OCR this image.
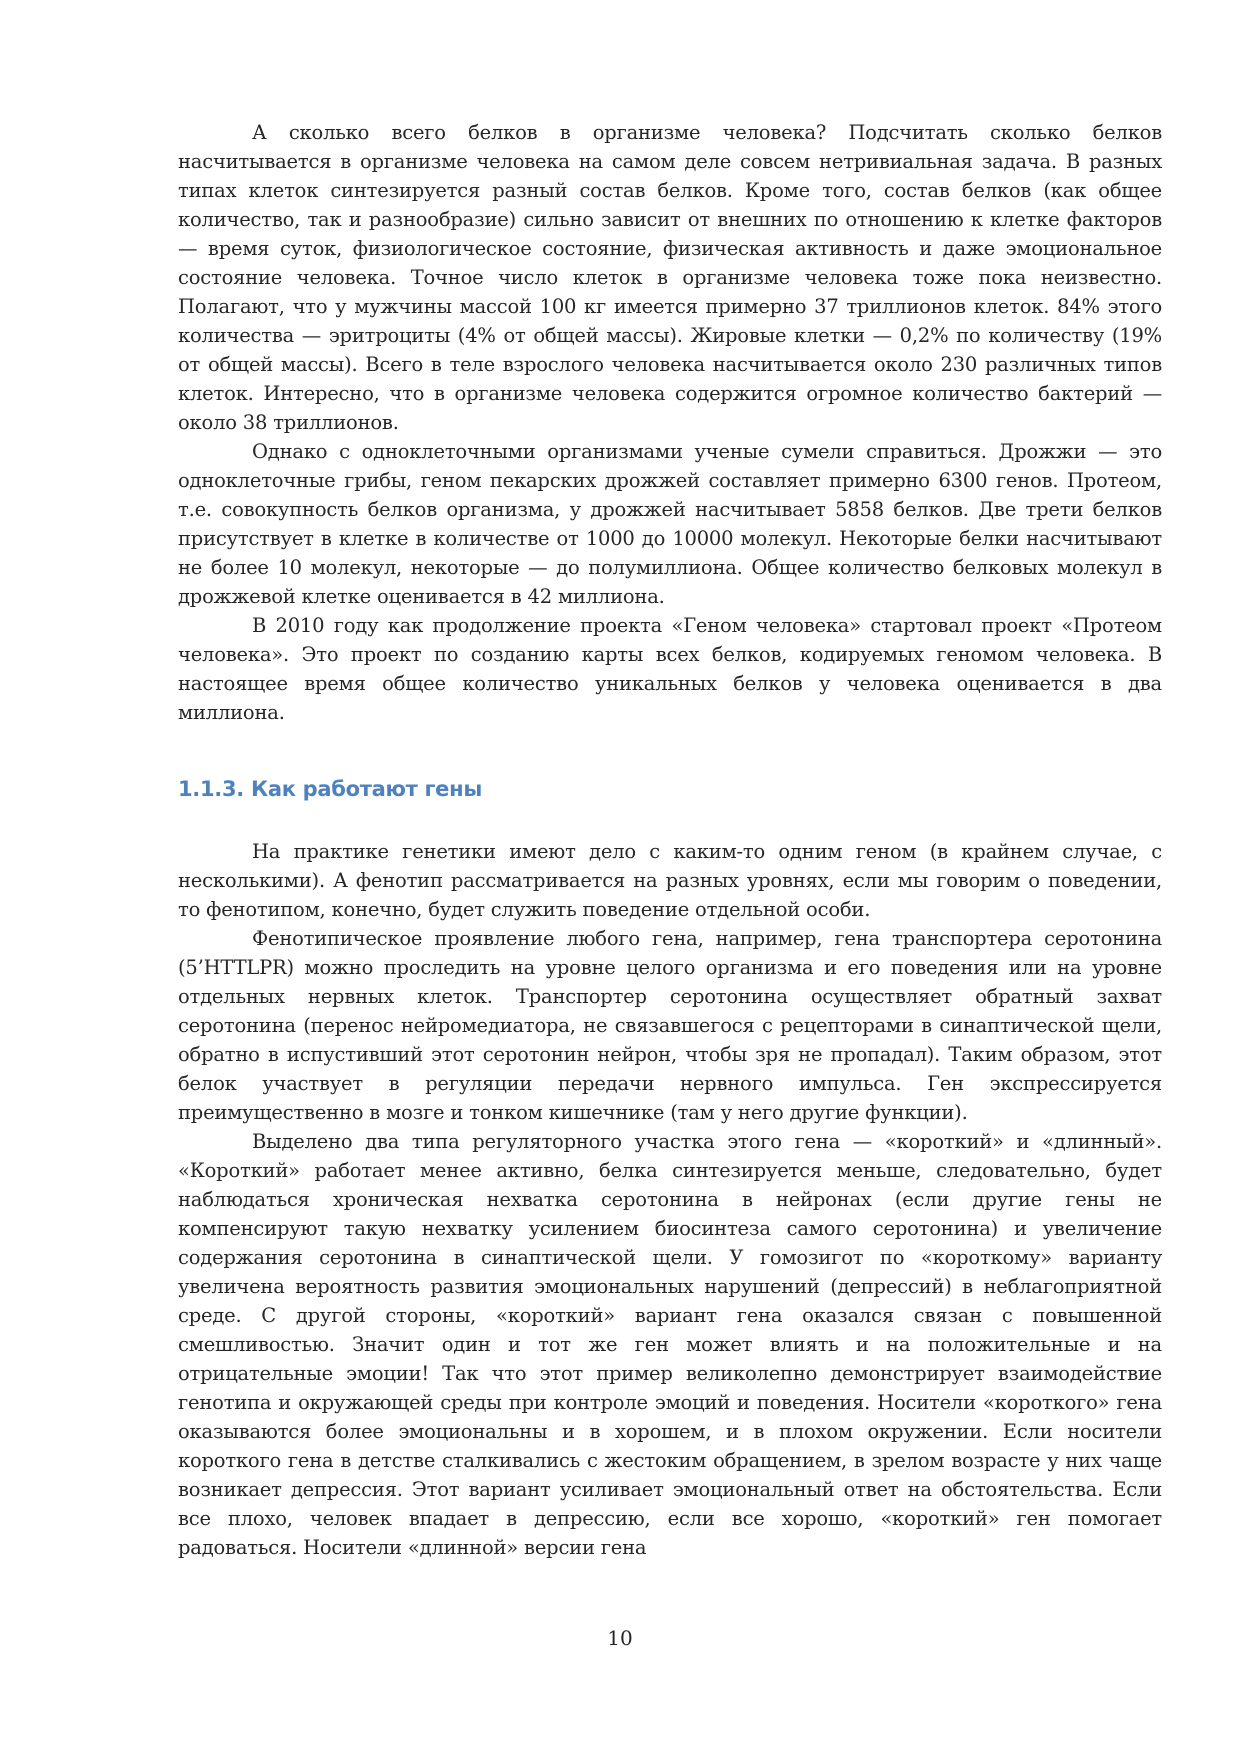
А сколько всего белков в организме человека? Подсчитать сколько белков насчитывается в организме человека на самом деле совсем нетривиальная задача. В разных типах клеток синтезируется разный состав белков. Кроме того, состав белков (как общее количество, так и разнообразие) сильно зависит от внешних по отношению к клетке факторов — время суток, физиологическое состояние, физическая активность и даже эмоциональное состояние человека. Точное число клеток в организме человека тоже пока неизвестно. Полагают, что у мужчины массой 100 кг имеется примерно 37 триллионов клеток. 84% этого количества — эритроциты (4% от общей массы). Жировые клетки — 0,2% по количеству (19% от общей массы). Всего в теле взрослого человека насчитывается около 230 различных типов клеток. Интересно, что в организме человека содержится огромное количество бактерий — около 38 триллионов.

Однако с одноклеточными организмами ученые сумели справиться. Дрожжи — это одноклеточные грибы, геном пекарских дрожжей составляет примерно 6300 генов. Протеом, т.е. совокупность белков организма, у дрожжей насчитывает 5858 белков. Две трети белков присутствует в клетке в количестве от 1000 до 10000 молекул. Некоторые белки насчитывают не более 10 молекул, некоторые — до полумиллиона. Общее количество белковых молекул в дрожжевой клетке оценивается в 42 миллиона.

В 2010 году как продолжение проекта «Геном человека» стартовал проект «Протеом человека». Это проект по созданию карты всех белков, кодируемых геномом человека. В настоящее время общее количество уникальных белков у человека оценивается в два миллиона.

1.1.3. Как работают гены

На практике генетики имеют дело с каким-то одним геном (в крайнем случае, с несколькими). А фенотип рассматривается на разных уровнях, если мы говорим о поведении, то фенотипом, конечно, будет служить поведение отдельной особи.

Фенотипическое проявление любого гена, например, гена транспортера серотонина (5’HTTLPR) можно проследить на уровне целого организма и его поведения или на уровне отдельных нервных клеток. Транспортер серотонина осуществляет обратный захват серотонина (перенос нейромедиатора, не связавшегося с рецепторами в синаптической щели, обратно в испустивший этот серотонин нейрон, чтобы зря не пропадал). Таким образом, этот белок участвует в регуляции передачи нервного импульса. Ген экспрессируется преимущественно в мозге и тонком кишечнике (там у него другие функции).

Выделено два типа регуляторного участка этого гена — «короткий» и «длинный». «Короткий» работает менее активно, белка синтезируется меньше, следовательно, будет наблюдаться хроническая нехватка серотонина в нейронах (если другие гены не компенсируют такую нехватку усилением биосинтеза самого серотонина) и увеличение содержания серотонина в синаптической щели. У гомозигот по «короткому» варианту увеличена вероятность развития эмоциональных нарушений (депрессий) в неблагоприятной среде. С другой стороны, «короткий» вариант гена оказался связан с повышенной смешливостью. Значит один и тот же ген может влиять и на положительные и на отрицательные эмоции! Так что этот пример великолепно демонстрирует взаимодействие генотипа и окружающей среды при контроле эмоций и поведения. Носители «короткого» гена оказываются более эмоциональны и в хорошем, и в плохом окружении. Если носители короткого гена в детстве сталкивались с жестоким обращением, в зрелом возрасте у них чаще возникает депрессия. Этот вариант усиливает эмоциональный ответ на обстоятельства. Если все плохо, человек впадает в депрессию, если все хорошо, «короткий» ген помогает радоваться. Носители «длинной» версии гена

10
